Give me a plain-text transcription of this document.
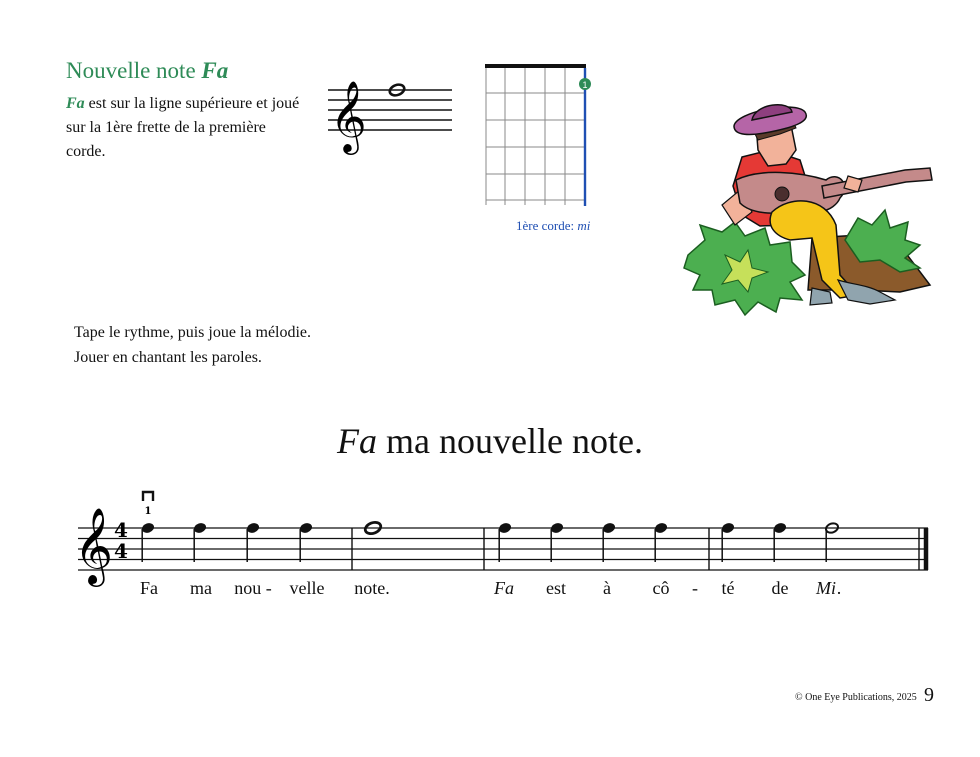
Nouvelle note Fa
Fa est sur la ligne supérieure et joué sur la 1ère frette de la première corde.	𝄞	1
1ère corde: mi
Tape le rythme, puis joue la mélodie.
Jouer en chantant les paroles.
Fa ma nouvelle note.
𝄞 4
4
1
Fa ma nou - velle note.	Fa est à cô - té de Mi .
© One Eye Publications, 2025 9
